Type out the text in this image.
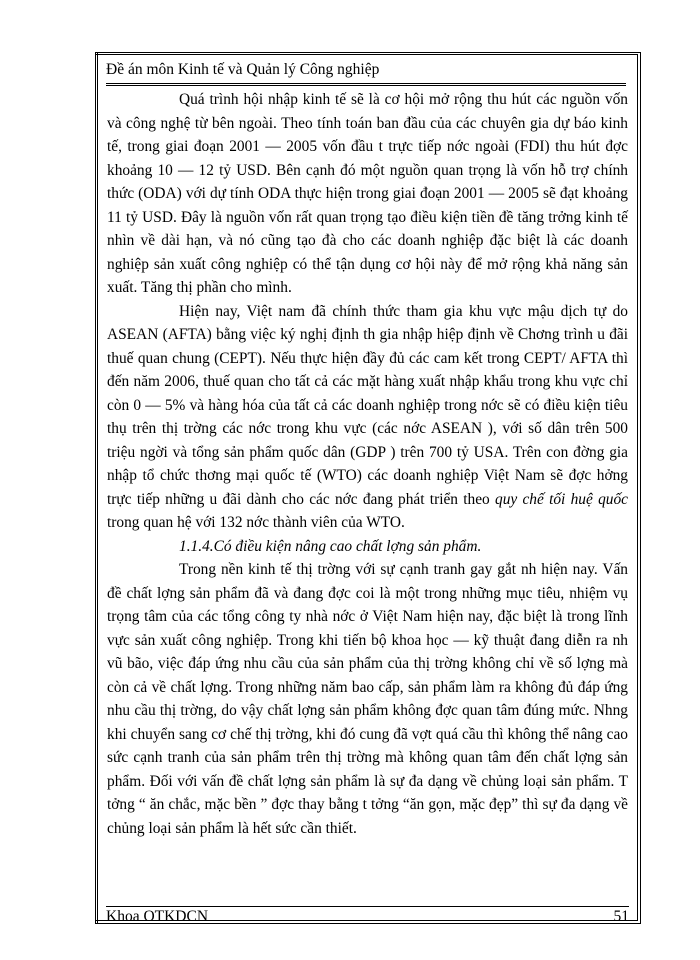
Đề án môn Kinh tế và Quản lý Công nghiệp

Quá trình hội nhập kinh tế sẽ là cơ hội mở rộng thu hút các nguồn vốn và công nghệ từ bên ngoài. Theo tính toán ban đầu của các chuyên gia dự báo kinh tế, trong giai đoạn 2001 — 2005 vốn đầu t trực tiếp nớc ngoài (FDI) thu hút đợc khoảng 10 — 12 tỷ USD. Bên cạnh đó một nguồn quan trọng là vốn hỗ trợ chính thức (ODA) với dự tính ODA thực hiện trong giai đoạn 2001 — 2005 sẽ đạt khoảng 11 tỷ USD. Đây là nguồn vốn rất quan trọng tạo điều kiện tiền đề tăng trởng kinh tế nhìn về dài hạn, và nó cũng tạo đà cho các doanh nghiệp đặc biệt là các doanh nghiệp sản xuất công nghiệp có thể tận dụng cơ hội này để mở rộng khả năng sản xuất. Tăng thị phần cho mình.

Hiện nay, Việt nam đã chính thức tham gia khu vực mậu dịch tự do ASEAN (AFTA) bằng việc ký nghị định th gia nhập hiệp định về Chơng trình u đãi thuế quan chung (CEPT). Nếu thực hiện đầy đủ các cam kết trong CEPT/ AFTA thì đến năm 2006, thuế quan cho tất cả các mặt hàng xuất nhập khẩu trong khu vực chỉ còn 0 — 5% và hàng hóa của tất cả các doanh nghiệp trong nớc sẽ có điều kiện tiêu thụ trên thị trờng các nớc trong khu vực (các nớc ASEAN ), với số dân trên 500 triệu ngời và tổng sản phẩm quốc dân (GDP ) trên 700 tỷ USA. Trên con đờng gia nhập tổ chức thơng mại quốc tế (WTO) các doanh nghiệp Việt Nam sẽ đợc hởng trực tiếp những u đãi dành cho các nớc đang phát triển theo quy chế tối huệ quốc trong quan hệ với 132 nớc thành viên của WTO.

1.1.4.Có điều kiện nâng cao chất lợng sản phẩm.

Trong nền kinh tế thị trờng với sự cạnh tranh gay gắt nh hiện nay. Vấn đề chất lợng sản phẩm đã và đang đợc coi là một trong những mục tiêu, nhiệm vụ trọng tâm của các tổng công ty nhà nớc ở Việt Nam hiện nay, đặc biệt là trong lĩnh vực sản xuất công nghiệp. Trong khi tiến bộ khoa học — kỹ thuật đang diễn ra nh vũ bão, việc đáp ứng nhu cầu của sản phẩm của thị trờng không chỉ về số lợng mà còn cả về chất lợng. Trong những năm bao cấp, sản phẩm làm ra không đủ đáp ứng nhu cầu thị trờng, do vậy chất lợng sản phẩm không đợc quan tâm đúng mức. Nhng khi chuyển sang cơ chế thị trờng, khi đó cung đã vợt quá cầu thì không thể nâng cao sức cạnh tranh của sản phẩm trên thị trờng mà không quan tâm đến chất lợng sản phẩm. Đối với vấn đề chất lợng sản phẩm là sự đa dạng về chủng loại sản phẩm. T tởng “ ăn chắc, mặc bền ” đợc thay bằng t tởng “ăn gọn, mặc đẹp” thì sự đa dạng về chủng loại sản phẩm là hết sức cần thiết.

Khoa OTKDCN	51
